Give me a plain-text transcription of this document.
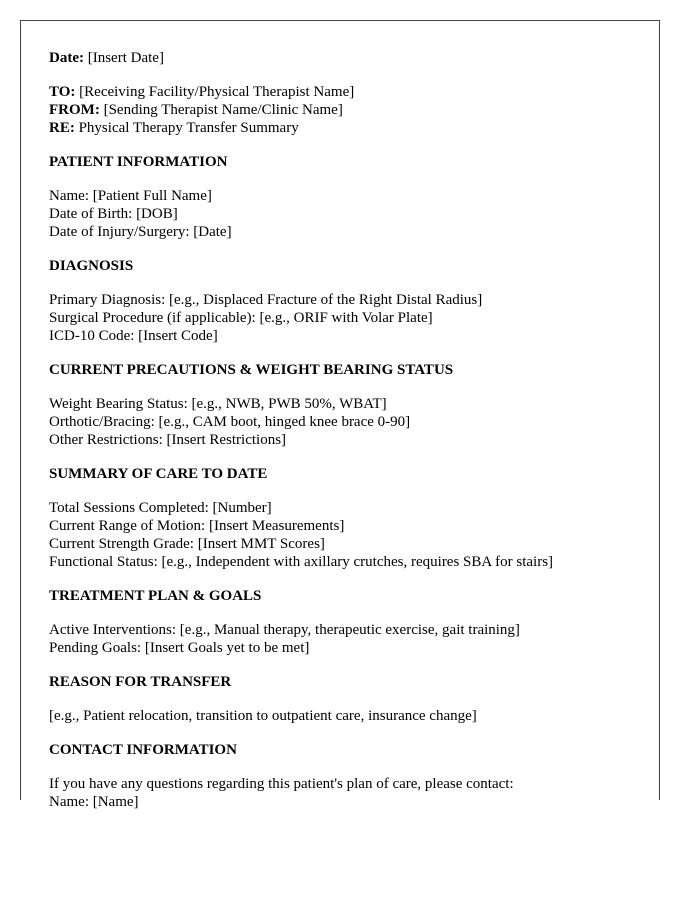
Date: [Insert Date]

TO: [Receiving Facility/Physical Therapist Name]

FROM: [Sending Therapist Name/Clinic Name]

RE: Physical Therapy Transfer Summary

PATIENT INFORMATION

Name: [Patient Full Name]

Date of Birth: [DOB]

Date of Injury/Surgery: [Date]

DIAGNOSIS

Primary Diagnosis: [e.g., Displaced Fracture of the Right Distal Radius]

Surgical Procedure (if applicable): [e.g., ORIF with Volar Plate]

ICD-10 Code: [Insert Code]

CURRENT PRECAUTIONS & WEIGHT BEARING STATUS

Weight Bearing Status: [e.g., NWB, PWB 50%, WBAT]

Orthotic/Bracing: [e.g., CAM boot, hinged knee brace 0-90]

Other Restrictions: [Insert Restrictions]

SUMMARY OF CARE TO DATE

Total Sessions Completed: [Number]

Current Range of Motion: [Insert Measurements]

Current Strength Grade: [Insert MMT Scores]

Functional Status: [e.g., Independent with axillary crutches, requires SBA for stairs]

TREATMENT PLAN & GOALS

Active Interventions: [e.g., Manual therapy, therapeutic exercise, gait training]

Pending Goals: [Insert Goals yet to be met]

REASON FOR TRANSFER

[e.g., Patient relocation, transition to outpatient care, insurance change]

CONTACT INFORMATION

If you have any questions regarding this patient's plan of care, please contact:

Name: [Name]
